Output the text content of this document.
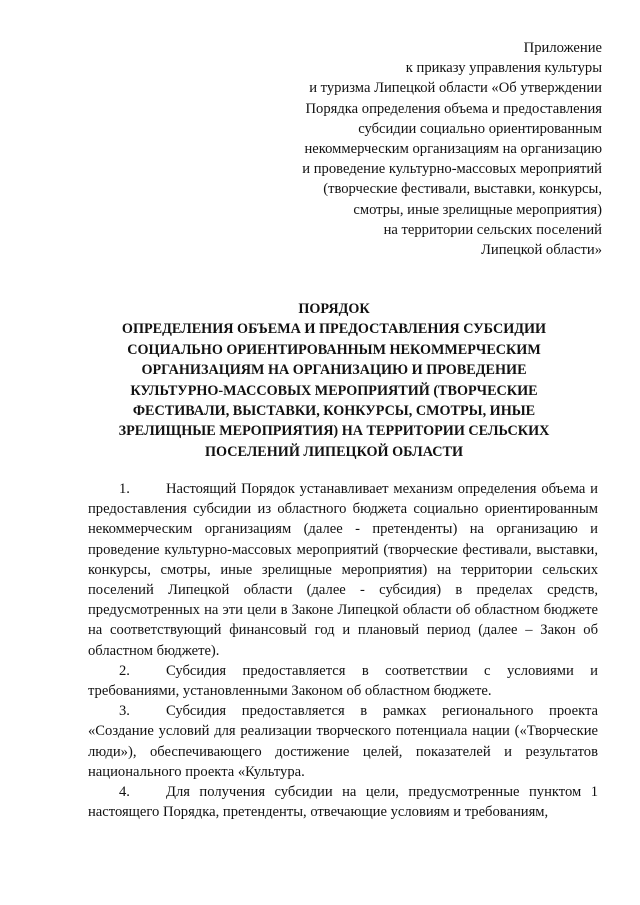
Приложение
к приказу управления культуры
и туризма Липецкой области «Об утверждении
Порядка определения объема и предоставления
субсидии социально ориентированным
некоммерческим организациям на организацию
и проведение культурно-массовых мероприятий
(творческие фестивали, выставки, конкурсы,
смотры, иные зрелищные мероприятия)
на территории сельских поселений
Липецкой области»
ПОРЯДОК
ОПРЕДЕЛЕНИЯ ОБЪЕМА И ПРЕДОСТАВЛЕНИЯ СУБСИДИИ
СОЦИАЛЬНО ОРИЕНТИРОВАННЫМ НЕКОММЕРЧЕСКИМ
ОРГАНИЗАЦИЯМ НА ОРГАНИЗАЦИЮ И ПРОВЕДЕНИЕ
КУЛЬТУРНО-МАССОВЫХ МЕРОПРИЯТИЙ (ТВОРЧЕСКИЕ
ФЕСТИВАЛИ, ВЫСТАВКИ, КОНКУРСЫ, СМОТРЫ, ИНЫЕ
ЗРЕЛИЩНЫЕ МЕРОПРИЯТИЯ) НА ТЕРРИТОРИИ СЕЛЬСКИХ
ПОСЕЛЕНИЙ ЛИПЕЦКОЙ ОБЛАСТИ

1. Настоящий Порядок устанавливает механизм определения объема и предоставления субсидии из областного бюджета социально ориентированным некоммерческим организациям (далее - претенденты) на организацию и проведение культурно-массовых мероприятий (творческие фестивали, выставки, конкурсы, смотры, иные зрелищные мероприятия) на территории сельских поселений Липецкой области (далее - субсидия) в пределах средств, предусмотренных на эти цели в Законе Липецкой области об областном бюджете на соответствующий финансовый год и плановый период (далее – Закон об областном бюджете).

2. Субсидия предоставляется в соответствии с условиями и требованиями, установленными Законом об областном бюджете.

3. Субсидия предоставляется в рамках регионального проекта «Создание условий для реализации творческого потенциала нации («Творческие люди»), обеспечивающего достижение целей, показателей и результатов национального проекта «Культура.

4. Для получения субсидии на цели, предусмотренные пунктом 1 настоящего Порядка, претенденты, отвечающие условиям и требованиям,
